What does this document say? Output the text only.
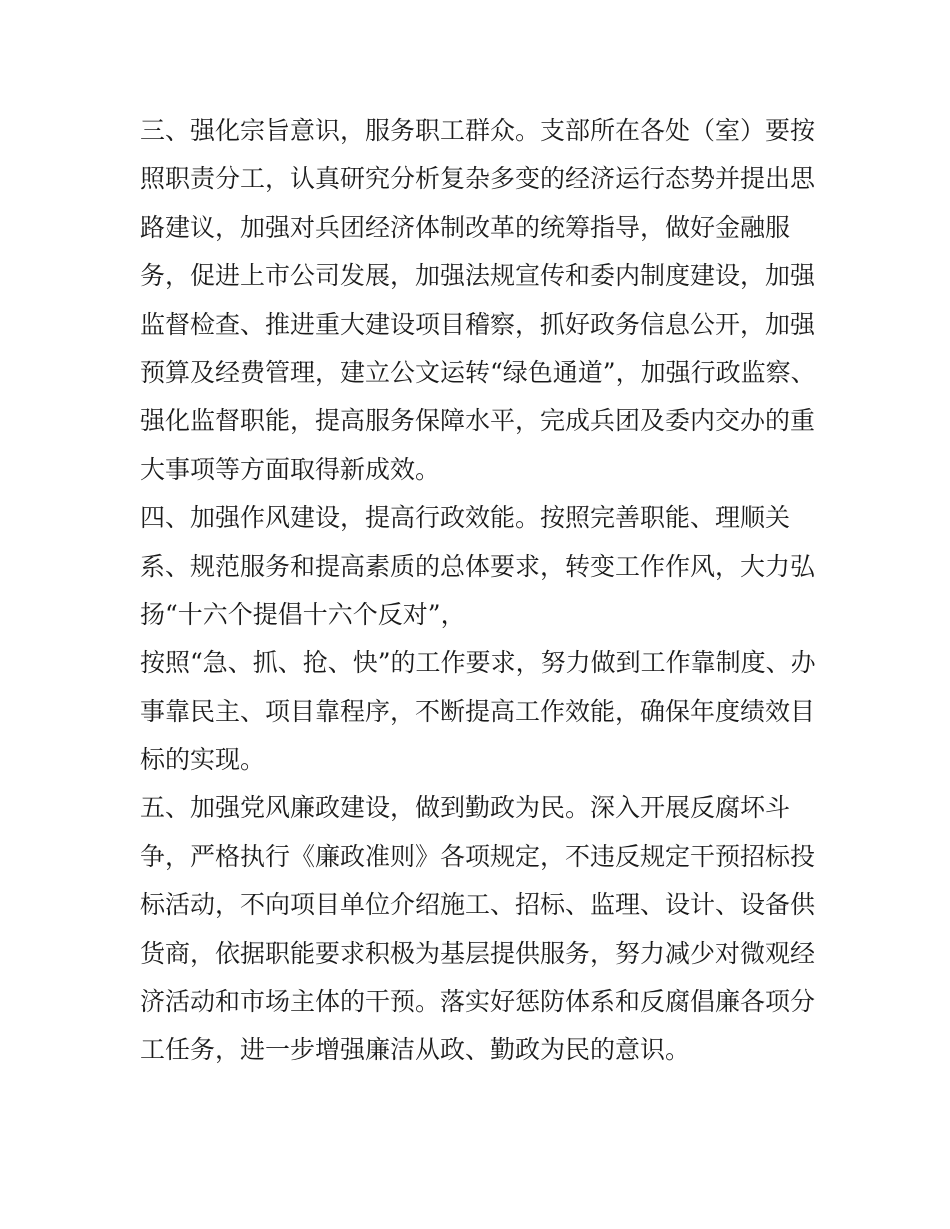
三、强化宗旨意识，服务职工群众。支部所在各处（室）要按
照职责分工，认真研究分析复杂多变的经济运行态势并提出思
路建议，加强对兵团经济体制改革的统筹指导，做好金融服
务，促进上市公司发展，加强法规宣传和委内制度建设，加强
监督检查、推进重大建设项目稽察，抓好政务信息公开，加强
预算及经费管理，建立公文运转“绿色通道”，加强行政监察、
强化监督职能，提高服务保障水平，完成兵团及委内交办的重
大事项等方面取得新成效。
四、加强作风建设，提高行政效能。按照完善职能、理顺关
系、规范服务和提高素质的总体要求，转变工作作风，大力弘
扬“十六个提倡十六个反对”，
按照“急、抓、抢、快”的工作要求，努力做到工作靠制度、办
事靠民主、项目靠程序，不断提高工作效能，确保年度绩效目
标的实现。
五、加强党风廉政建设，做到勤政为民。深入开展反腐坏斗
争，严格执行《廉政准则》各项规定，不违反规定干预招标投
标活动，不向项目单位介绍施工、招标、监理、设计、设备供
货商，依据职能要求积极为基层提供服务，努力减少对微观经
济活动和市场主体的干预。落实好惩防体系和反腐倡廉各项分
工任务，进一步增强廉洁从政、勤政为民的意识。
